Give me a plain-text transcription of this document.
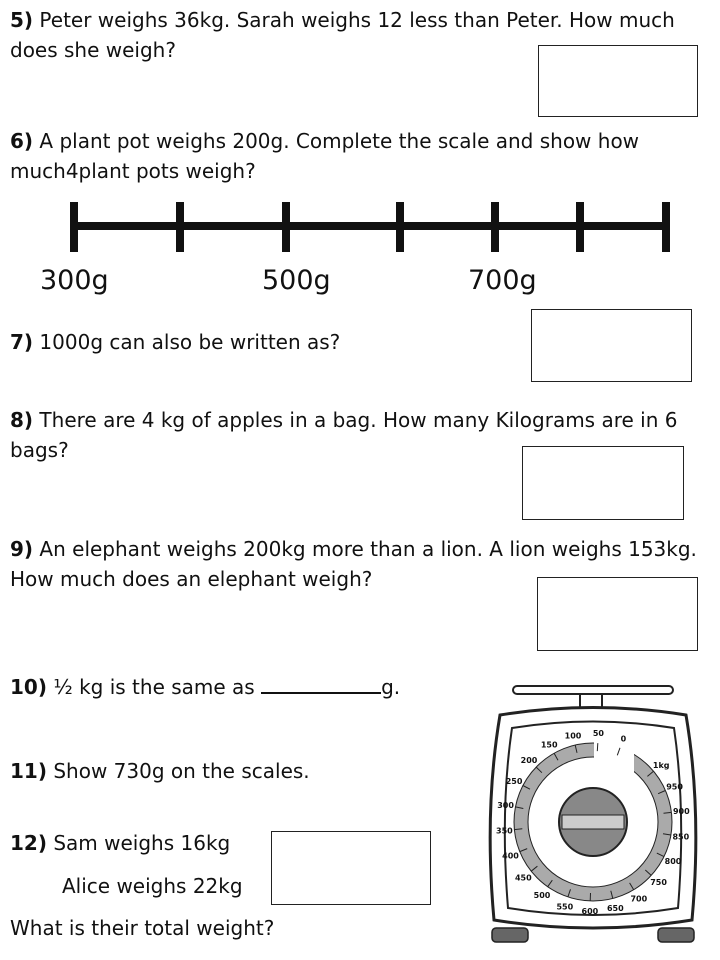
5) Peter weighs 36kg. Sarah weighs 12 less than Peter. How much does she weigh?
6) A plant pot weighs 200g. Complete the scale and show how much4plant pots weigh?
300g	500g	700g
7) 1000g can also be written as?
8) There are 4 kg of apples in a bag. How many Kilograms are in 6 bags?
9) An elephant weighs 200kg more than a lion. A lion weighs 153kg. How much does an elephant weigh?
10) ½ kg is the same as	g.
11) Show 730g on the scales.
12) Sam weighs 16kg
Alice weighs 22kg
What is their total weight?
0
50
100
150
200
250
300
350
400
450
500
550 600 650
700
750
800
850
900
950
1kg
